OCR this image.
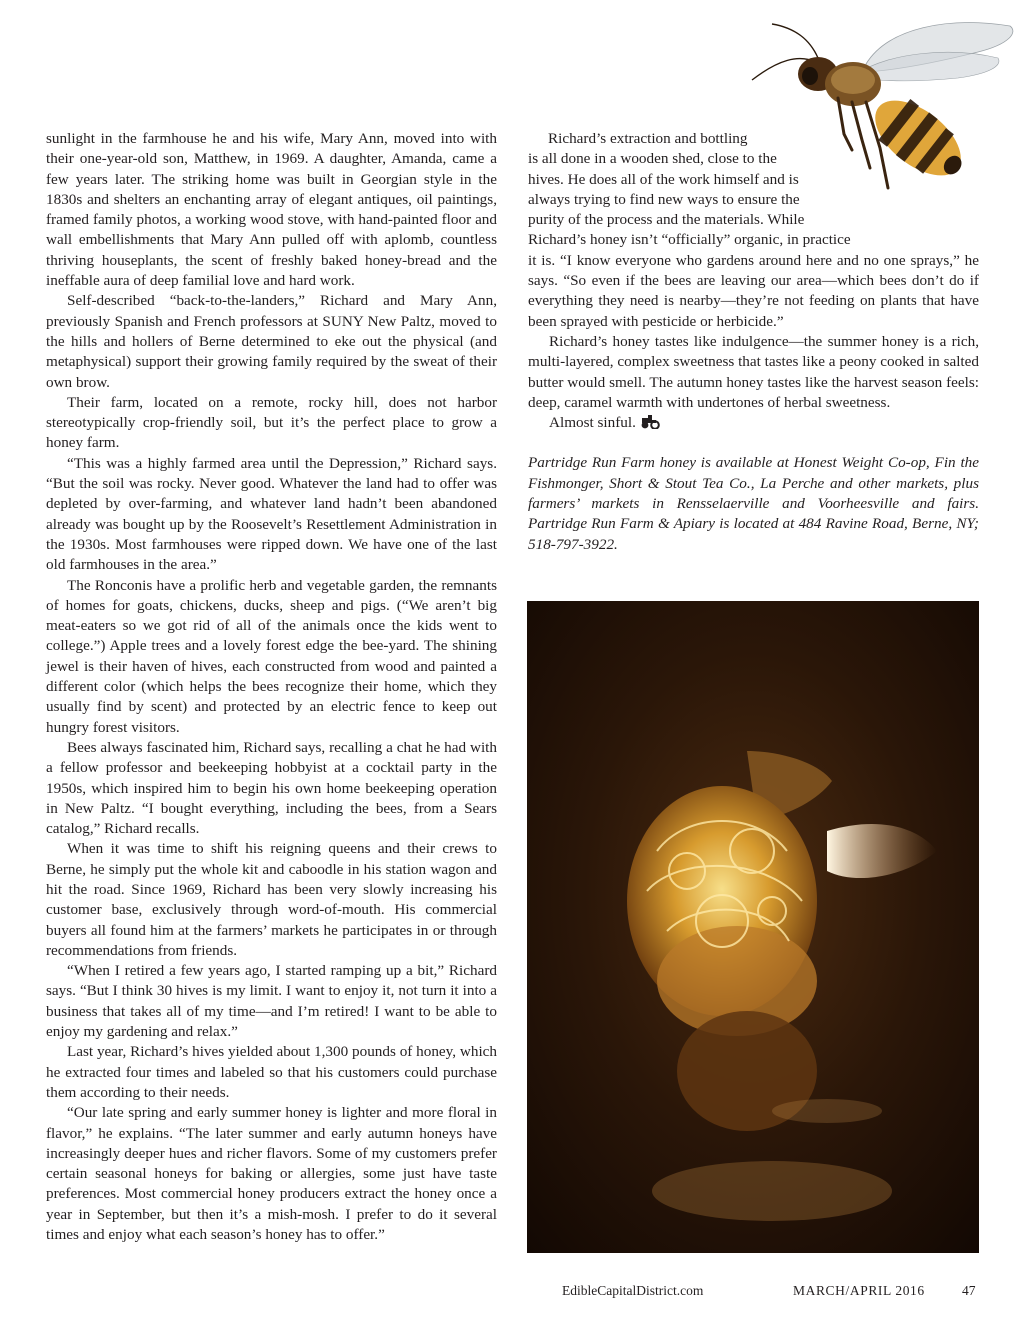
sunlight in the farmhouse he and his wife, Mary Ann, moved into with their one-year-old son, Matthew, in 1969. A daughter, Amanda, came a few years later. The striking home was built in Georgian style in the 1830s and shelters an enchanting array of elegant antiques, oil paintings, framed family photos, a working wood stove, with hand-painted floor and wall embellishments that Mary Ann pulled off with aplomb, countless thriving houseplants, the scent of freshly baked honey-bread and the ineffable aura of deep familial love and hard work.

Self-described “back-to-the-landers,” Richard and Mary Ann, previously Spanish and French professors at SUNY New Paltz, moved to the hills and hollers of Berne determined to eke out the physical (and metaphysical) support their growing family required by the sweat of their own brow.

Their farm, located on a remote, rocky hill, does not harbor stereotypically crop-friendly soil, but it’s the perfect place to grow a honey farm.

“This was a highly farmed area until the Depression,” Richard says. “But the soil was rocky. Never good. Whatever the land had to offer was depleted by over-farming, and whatever land hadn’t been abandoned already was bought up by the Roosevelt’s Resettlement Administration in the 1930s. Most farmhouses were ripped down. We have one of the last old farmhouses in the area.”

The Ronconis have a prolific herb and vegetable garden, the remnants of homes for goats, chickens, ducks, sheep and pigs. (“We aren’t big meat-eaters so we got rid of all of the animals once the kids went to college.”) Apple trees and a lovely forest edge the bee-yard. The shining jewel is their haven of hives, each constructed from wood and painted a different color (which helps the bees recognize their home, which they usually find by scent) and protected by an electric fence to keep out hungry forest visitors.

Bees always fascinated him, Richard says, recalling a chat he had with a fellow professor and beekeeping hobbyist at a cocktail party in the 1950s, which inspired him to begin his own home beekeeping operation in New Paltz. “I bought everything, including the bees, from a Sears catalog,” Richard recalls.

When it was time to shift his reigning queens and their crews to Berne, he simply put the whole kit and caboodle in his station wagon and hit the road. Since 1969, Richard has been very slowly increasing his customer base, exclusively through word-of-mouth. His commercial buyers all found him at the farmers’ markets he participates in or through recommendations from friends.

“When I retired a few years ago, I started ramping up a bit,” Richard says. “But I think 30 hives is my limit. I want to enjoy it, not turn it into a business that takes all of my time—and I’m retired! I want to be able to enjoy my gardening and relax.”

Last year, Richard’s hives yielded about 1,300 pounds of honey, which he extracted four times and labeled so that his customers could purchase them according to their needs.

“Our late spring and early summer honey is lighter and more floral in flavor,” he explains. “The later summer and early autumn honeys have increasingly deeper hues and richer flavors. Some of my customers prefer certain seasonal honeys for baking or allergies, some just have taste preferences. Most commercial honey producers extract the honey once a year in September, but then it’s a mish-mosh. I prefer to do it several times and enjoy what each season’s honey has to offer.”

Richard’s extraction and bottling
is all done in a wooden shed, close to the
hives. He does all of the work himself and is
always trying to find new ways to ensure the
purity of the process and the materials. While
Richard’s honey isn’t “officially” organic, in practice

it is. “I know everyone who gardens around here and no one sprays,” he says. “So even if the bees are leaving our area—which bees don’t do if everything they need is nearby—they’re not feeding on plants that have been sprayed with pesticide or herbicide.”

Richard’s honey tastes like indulgence—the summer honey is a rich, multi-layered, complex sweetness that tastes like a peony cooked in salted butter would smell. The autumn honey tastes like the harvest season feels: deep, caramel warmth with undertones of herbal sweetness.

Almost sinful.

Partridge Run Farm honey is available at Honest Weight Co-op, Fin the Fishmonger, Short & Stout Tea Co., La Perche and other markets, plus farmers’ markets in Rensselaerville and Voorheesville and fairs. Partridge Run Farm & Apiary is located at 484 Ravine Road, Berne, NY; 518-797-3922.

EdibleCapitalDistrict.com	MARCH/APRIL 2016	47
